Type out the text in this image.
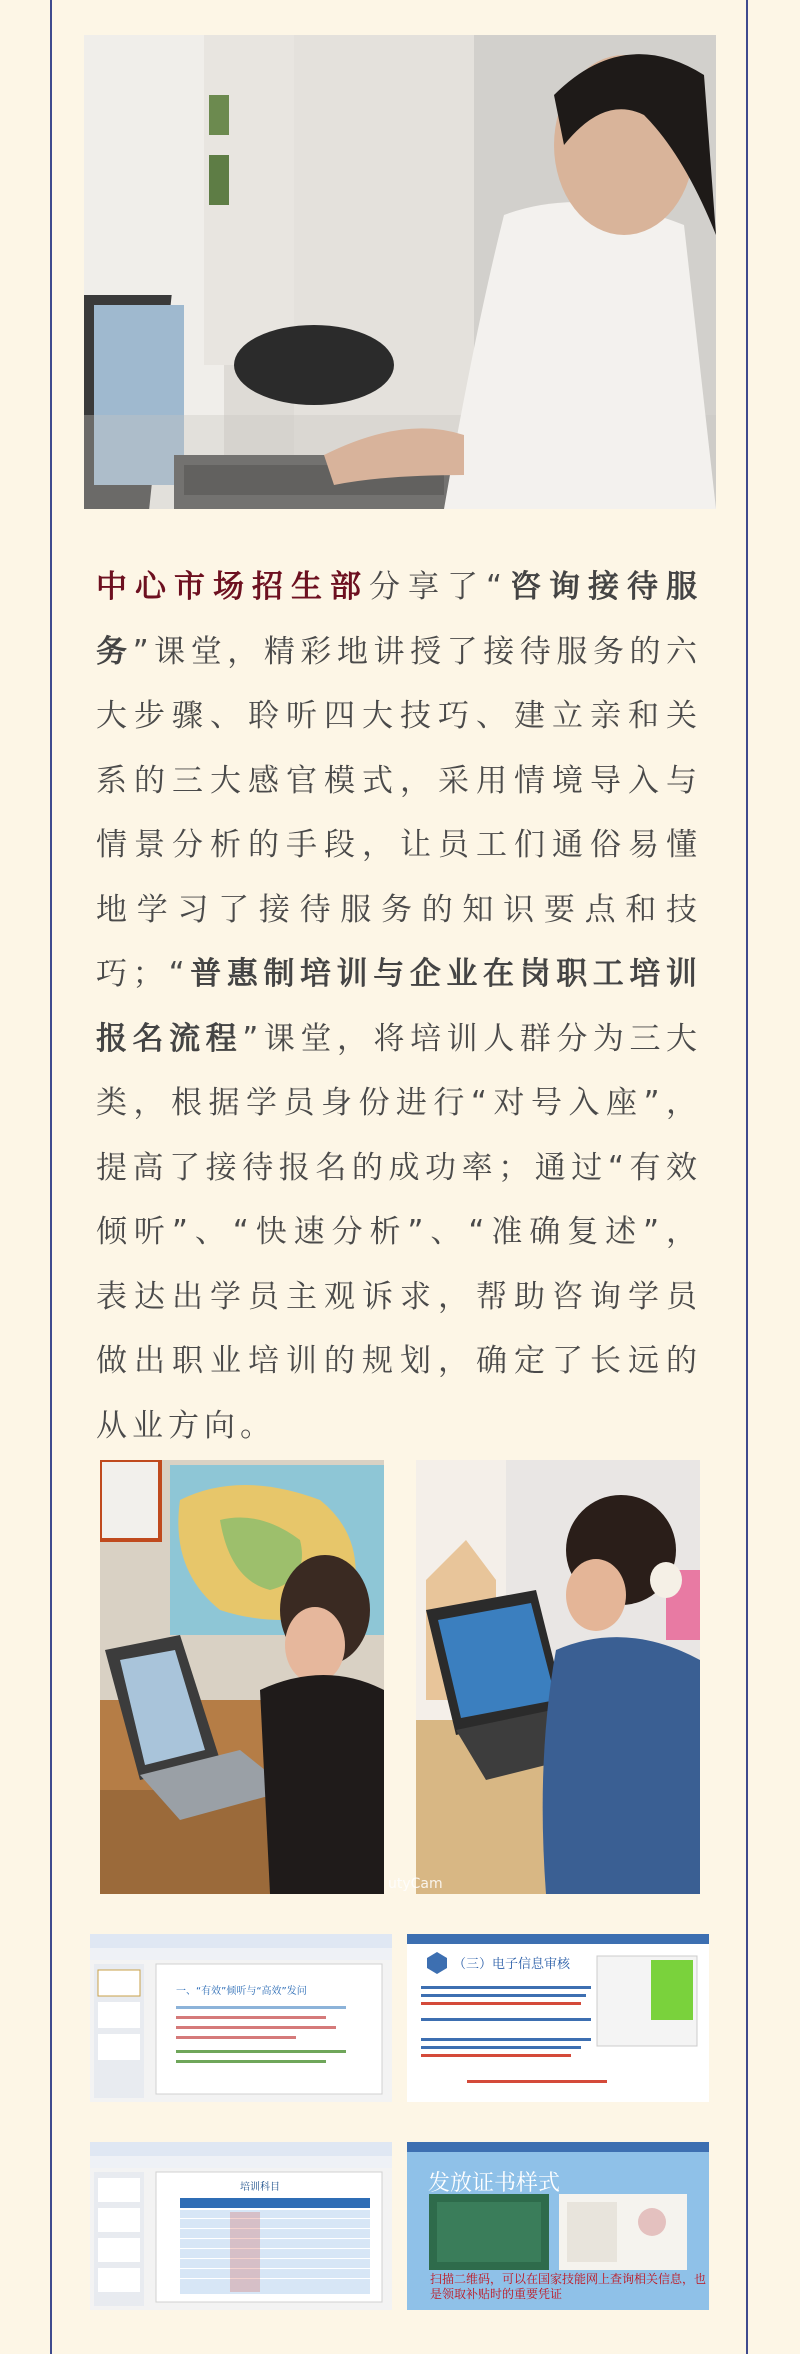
中心市场招生部分享了“咨询接待服务”课堂，精彩地讲授了接待服务的六大步骤、聆听四大技巧、建立亲和关系的三大感官模式，采用情境导入与情景分析的手段，让员工们通俗易懂地学习了接待服务的知识要点和技巧；“普惠制培训与企业在岗职工培训报名流程”课堂，将培训人群分为三大类，根据学员身份进行“对号入座”，提高了接待报名的成功率；通过“有效倾听”、“快速分析”、“准确复述”，表达出学员主观诉求，帮助咨询学员做出职业培训的规划，确定了长远的从业方向。
utyCam
一、“有效”倾听与“高效”发问
（三）电子信息审核
培训科目	发放证书样式
扫描二维码，可以在国家技能网上查询相关信息，也是领取补贴时的重要凭证
